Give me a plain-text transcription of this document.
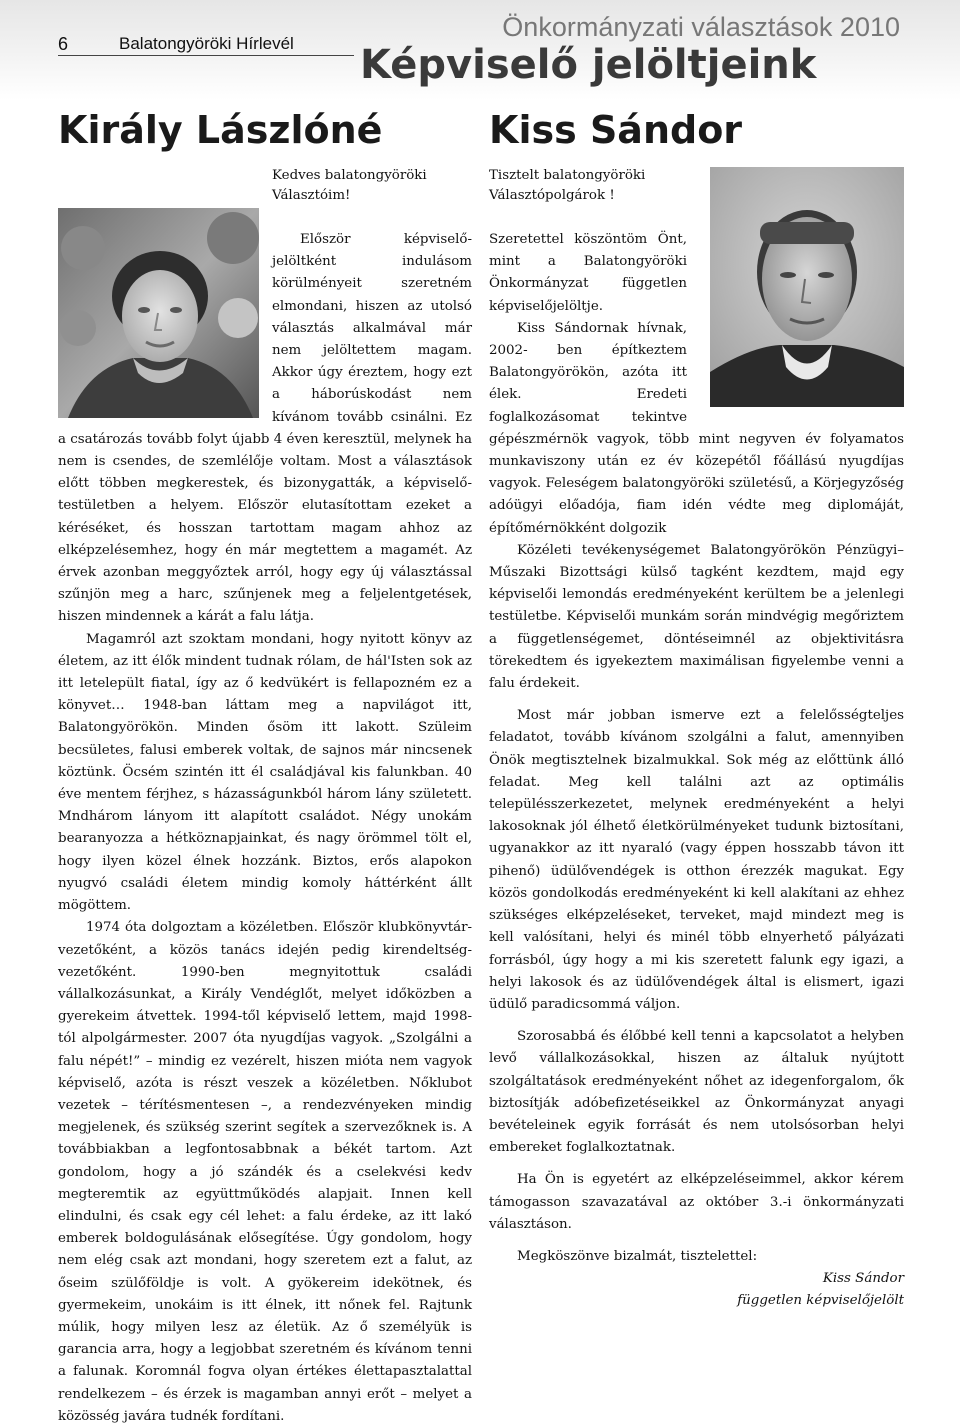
6	Balatongyöröki Hírlevél
Önkormányzati választások 2010
Képviselő jelöltjeink
Király Lászlóné	Kiss Sándor
Kedves balatongyöröki
Választóim!
Tisztelt balatongyöröki
Választópolgárok !

Először képviselő-jelöltként indulásom körülményeit szeretném elmondani, hiszen az utolsó választás alkalmával már nem jelöltettem magam. Akkor úgy éreztem, hogy ezt a háborúskodást nem kívánom tovább csinálni. Ez a csatározás tovább folyt újabb 4 éven keresztül, melynek ha nem is csendes, de szemlélője voltam. Most a választások előtt többen megkerestek, és bizonygatták, a képviselő-testületben a helyem. Először elutasítottam ezeket a kéréséket, és hosszan tartottam magam ahhoz az elképzelésemhez, hogy én már megtettem a magamét. Az érvek azonban meggyőztek arról, hogy egy új választással szűnjön meg a harc, szűnjenek meg a feljelentgetések, hiszen mindennek a kárát a falu látja.

Magamról azt szoktam mondani, hogy nyitott könyv az életem, az itt élők mindent tudnak rólam, de hál'Isten sok az itt letelepült fiatal, így az ő kedvükért is fellapozném ez a könyvet… 1948-ban láttam meg a napvilágot itt, Balatongyörökön. Minden ősöm itt lakott. Szüleim becsületes, falusi emberek voltak, de sajnos már nincsenek köztünk. Öcsém szintén itt él családjával kis falunkban. 40 éve mentem férjhez, s házasságunkból három lány született. Mndhárom lányom itt alapított családot. Négy unokám bearanyozza a hétköznapjainkat, és nagy örömmel tölt el, hogy ilyen közel élnek hozzánk. Biztos, erős alapokon nyugvó családi életem mindig komoly háttérként állt mögöttem.

1974 óta dolgoztam a közéletben. Először klubkönyvtár-vezetőként, a közös tanács idején pedig kirendeltség-vezetőként. 1990-ben megnyitottuk családi vállalkozásunkat, a Király Vendéglőt, melyet időközben a gyerekeim átvettek. 1994-től képviselő lettem, majd 1998-tól alpolgármester. 2007 óta nyugdíjas vagyok. „Szolgálni a falu népét!” – mindig ez vezérelt, hiszen mióta nem vagyok képviselő, azóta is részt veszek a közéletben. Nőklubot vezetek – térítésmentesen –, a rendezvényeken mindig megjelenek, és szükség szerint segítek a szervezőknek is. A továbbiakban a legfontosabbnak a békét tartom. Azt gondolom, hogy a jó szándék és a cselekvési kedv megteremtik az együttműködés alapjait. Innen kell elindulni, és csak egy cél lehet: a falu érdeke, az itt lakó emberek boldogulásának elősegítése. Úgy gondolom, hogy nem elég csak azt mondani, hogy szeretem ezt a falut, az őseim szülőföldje is volt. A gyökereim idekötnek, és gyermekeim, unokáim is itt élnek, itt nőnek fel. Rajtunk múlik, hogy milyen lesz az életük. Az ő személyük is garancia arra, hogy a legjobbat szeretném és kívánom tenni a falunak. Koromnál fogva olyan értékes élettapasztalattal rendelkezem – és érzek is magamban annyi erőt – melyet a közösség javára tudnék fordítani.

Szeretettel köszöntöm Önt, mint a Balatongyöröki Önkormányzat független képviselőjelöltje.

Kiss Sándornak hívnak, 2002- ben építkeztem Balatongyörökön, azóta itt élek. Eredeti foglalkozásomat tekintve gépészmérnök vagyok, több mint negyven év folyamatos munkaviszony után ez év közepétől főállású nyugdíjas vagyok. Feleségem balatongyöröki születésű, a Körjegyzőség adóügyi előadója, fiam idén védte meg diplomáját, építőmérnökként dolgozik

Közéleti tevékenységemet Balatongyörökön Pénzügyi–Műszaki Bizottsági külső tagként kezdtem, majd egy képviselői lemondás eredményeként kerültem be a jelenlegi testületbe. Képviselői munkám során mindvégig megőriztem a függetlenségemet, döntéseimnél az objektivitásra törekedtem és igyekeztem maximálisan figyelembe venni a falu érdekeit.

Most már jobban ismerve ezt a felelősségteljes feladatot, tovább kívánom szolgálni a falut, amennyiben Önök megtisztelnek bizalmukkal. Sok még az előttünk álló feladat. Meg kell találni azt az optimális településszerkezetet, melynek eredményeként a helyi lakosoknak jól élhető életkörülményeket tudunk biztosítani, ugyanakkor az itt nyaraló (vagy éppen hosszabb távon itt pihenő) üdülővendégek is otthon érezzék magukat. Egy közös gondolkodás eredményeként ki kell alakítani az ehhez szükséges elképzeléseket, terveket, majd mindezt meg is kell valósítani, helyi és minél több elnyerhető pályázati forrásból, úgy hogy a mi kis szeretett falunk egy igazi, a helyi lakosok és az üdülővendégek által is elismert, igazi üdülő paradicsommá váljon.

Szorosabbá és élőbbé kell tenni a kapcsolatot a helyben levő vállalkozásokkal, hiszen az általuk nyújtott szolgáltatások eredményeként nőhet az idegenforgalom, ők biztosítják adóbefizetéseikkel az Önkormányzat anyagi bevételeinek egyik forrását és nem utolsósorban helyi embereket foglalkoztatnak.

Ha Ön is egyetért az elképzeléseimmel, akkor kérem támogasson szavazatával az október 3.-i önkormányzati választáson.

Megköszönve bizalmát, tisztelettel:

Kiss Sándor

független képviselőjelölt
